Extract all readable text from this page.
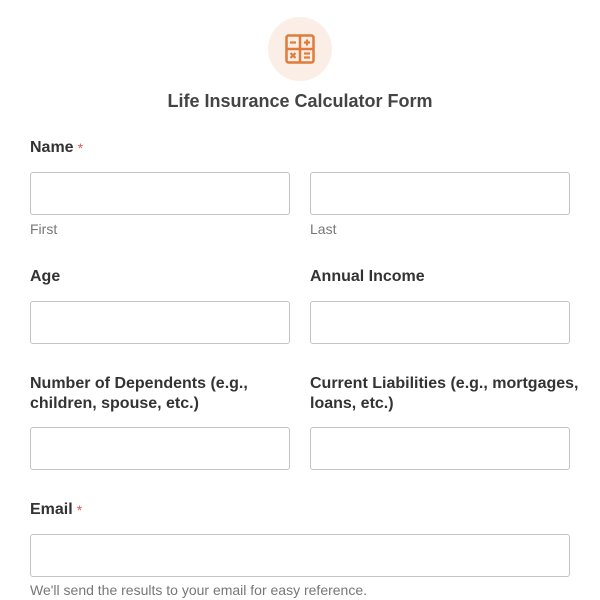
Life Insurance Calculator Form
Name *
First	Last
Age	Annual Income
Number of Dependents (e.g.,
children, spouse, etc.)
Current Liabilities (e.g., mortgages,
loans, etc.)
Email *
We'll send the results to your email for easy reference.
